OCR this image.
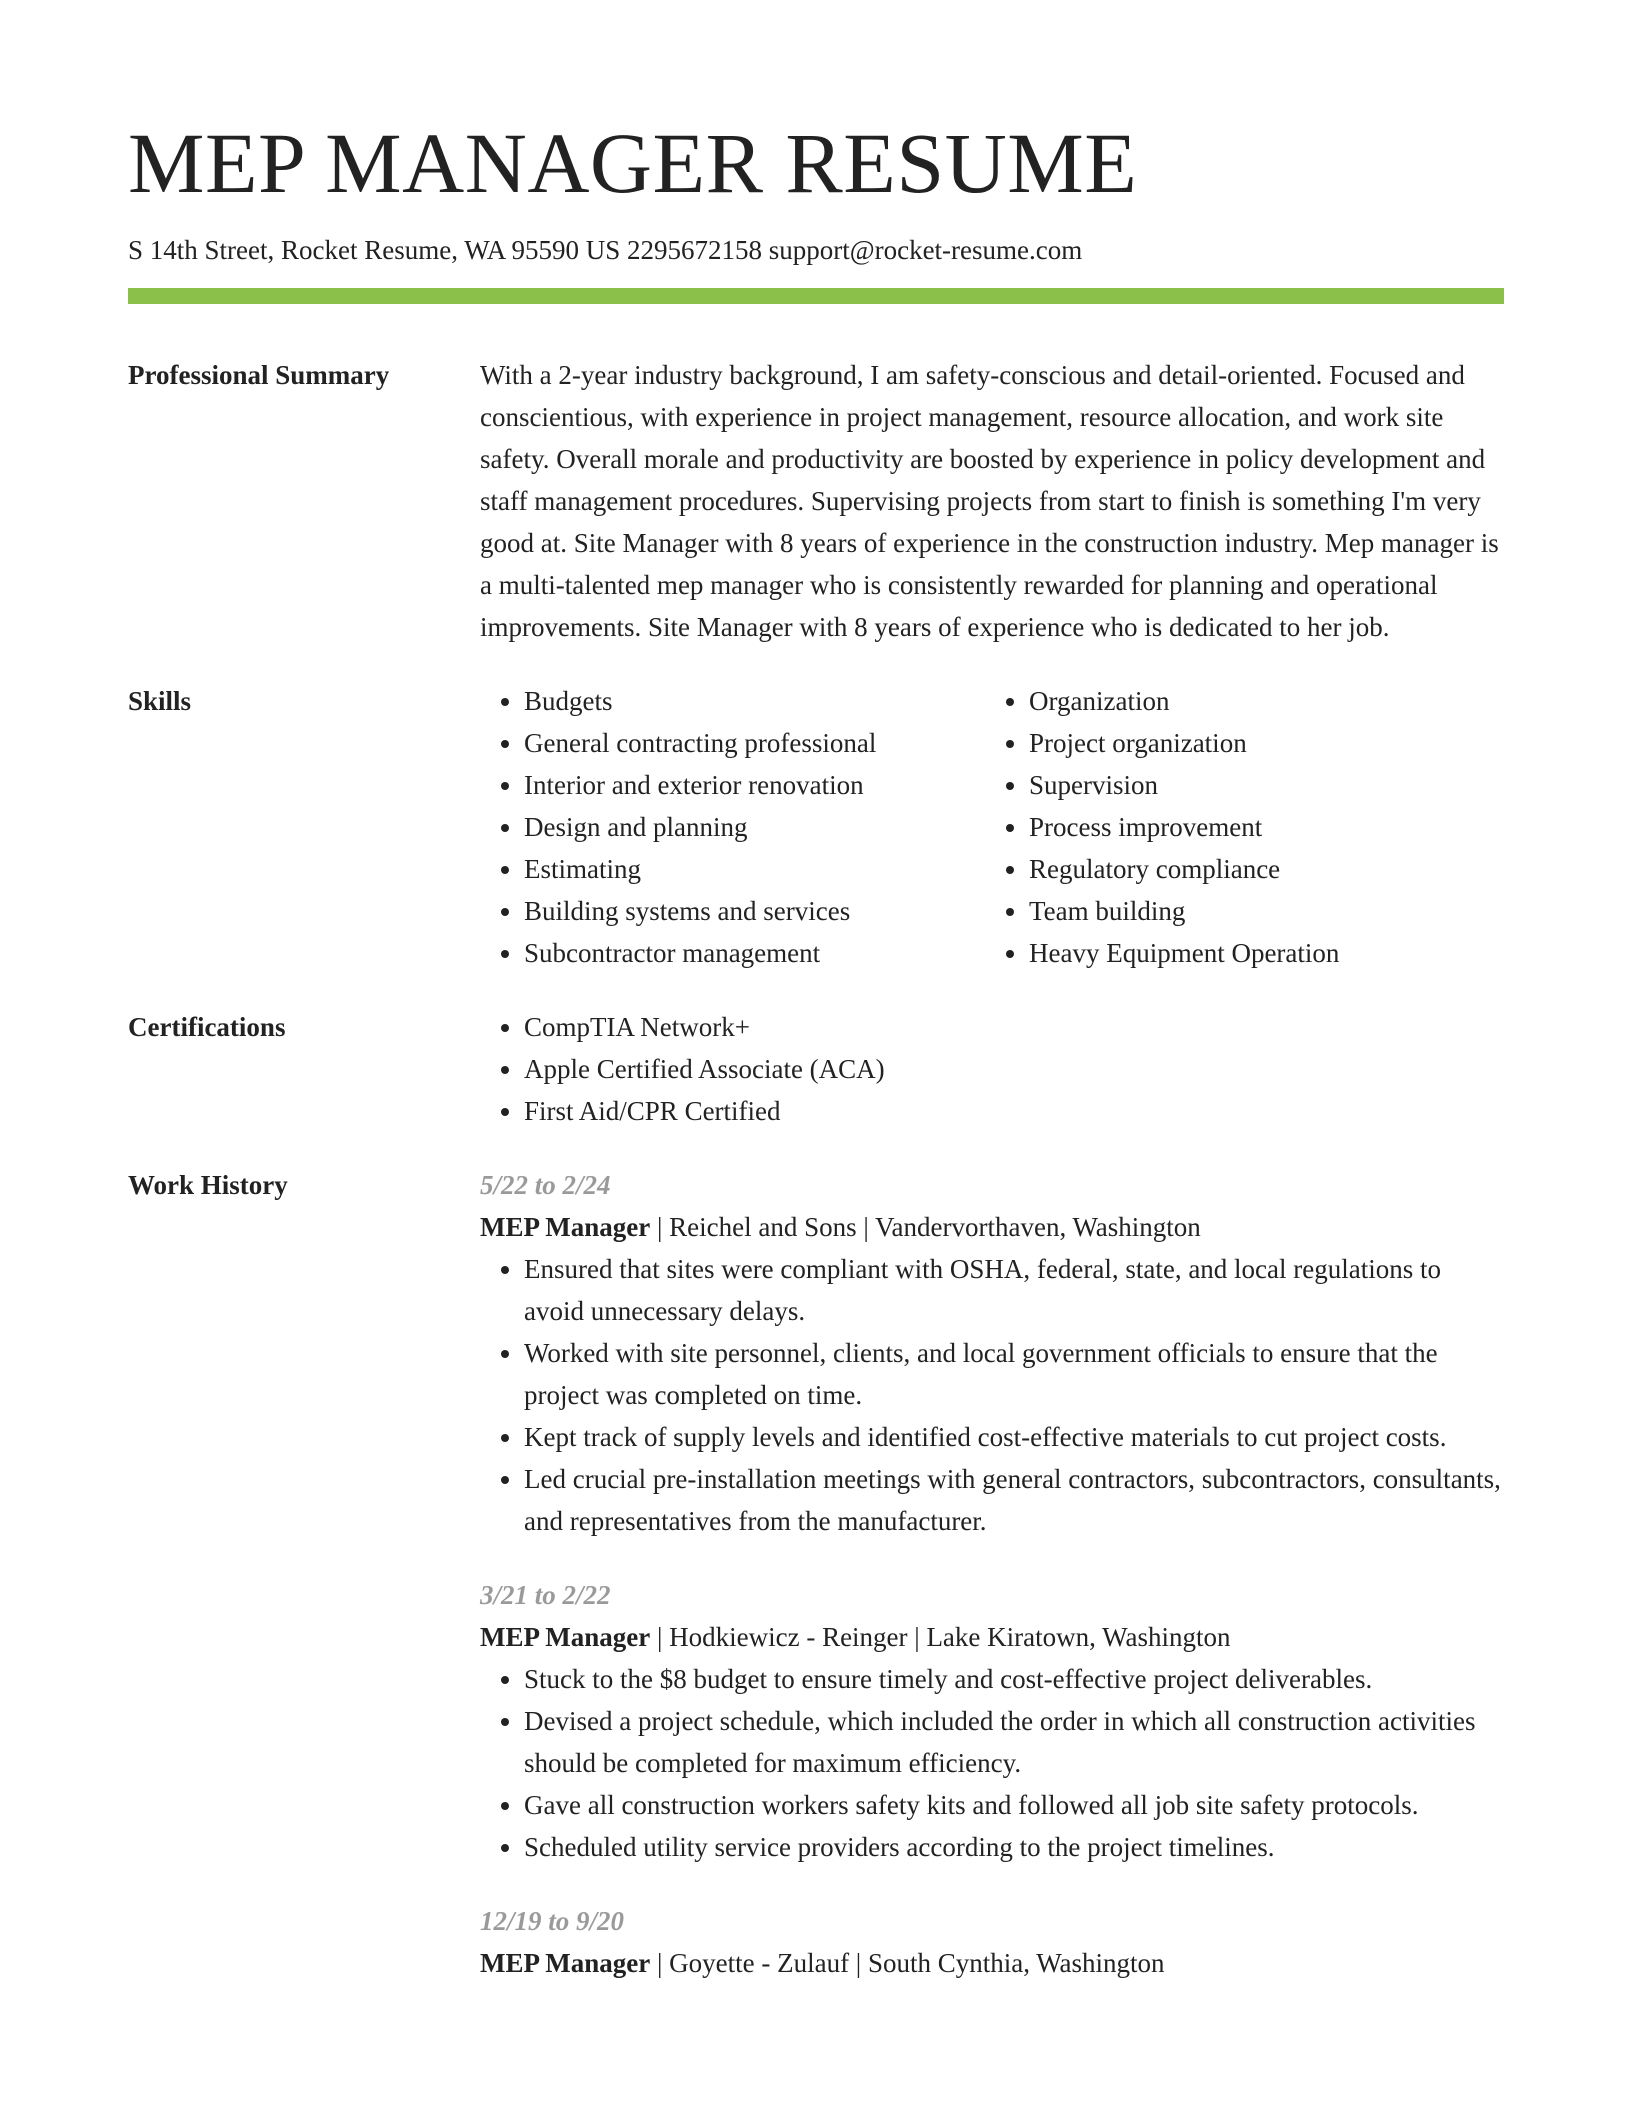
MEP MANAGER RESUME
S 14th Street, Rocket Resume, WA 95590 US 2295672158 support@rocket-resume.com
Professional Summary	With a 2-year industry background, I am safety-conscious and detail-oriented. Focused and conscientious, with experience in project management, resource allocation, and work site safety. Overall morale and productivity are boosted by experience in policy development and staff management procedures. Supervising projects from start to finish is something I'm very good at. Site Manager with 8 years of experience in the construction industry. Mep manager is a multi-talented mep manager who is consistently rewarded for planning and operational improvements. Site Manager with 8 years of experience who is dedicated to her job.
Skills	• Budgets
• General contracting professional
• Interior and exterior renovation
• Design and planning
• Estimating
• Building systems and services
• Subcontractor management
• Organization
• Project organization
• Supervision
• Process improvement
• Regulatory compliance
• Team building
• Heavy Equipment Operation
Certifications	• CompTIA Network+
• Apple Certified Associate (ACA)
• First Aid/CPR Certified
Work History	5/22 to 2/24
MEP Manager | Reichel and Sons | Vandervorthaven, Washington
• Ensured that sites were compliant with OSHA, federal, state, and local regulations to avoid unnecessary delays.
• Worked with site personnel, clients, and local government officials to ensure that the project was completed on time.
• Kept track of supply levels and identified cost-effective materials to cut project costs.
• Led crucial pre-installation meetings with general contractors, subcontractors, consultants, and representatives from the manufacturer.
3/21 to 2/22
MEP Manager | Hodkiewicz - Reinger | Lake Kiratown, Washington
• Stuck to the $8 budget to ensure timely and cost-effective project deliverables.
• Devised a project schedule, which included the order in which all construction activities should be completed for maximum efficiency.
• Gave all construction workers safety kits and followed all job site safety protocols.
• Scheduled utility service providers according to the project timelines.
12/19 to 9/20
MEP Manager | Goyette - Zulauf | South Cynthia, Washington
